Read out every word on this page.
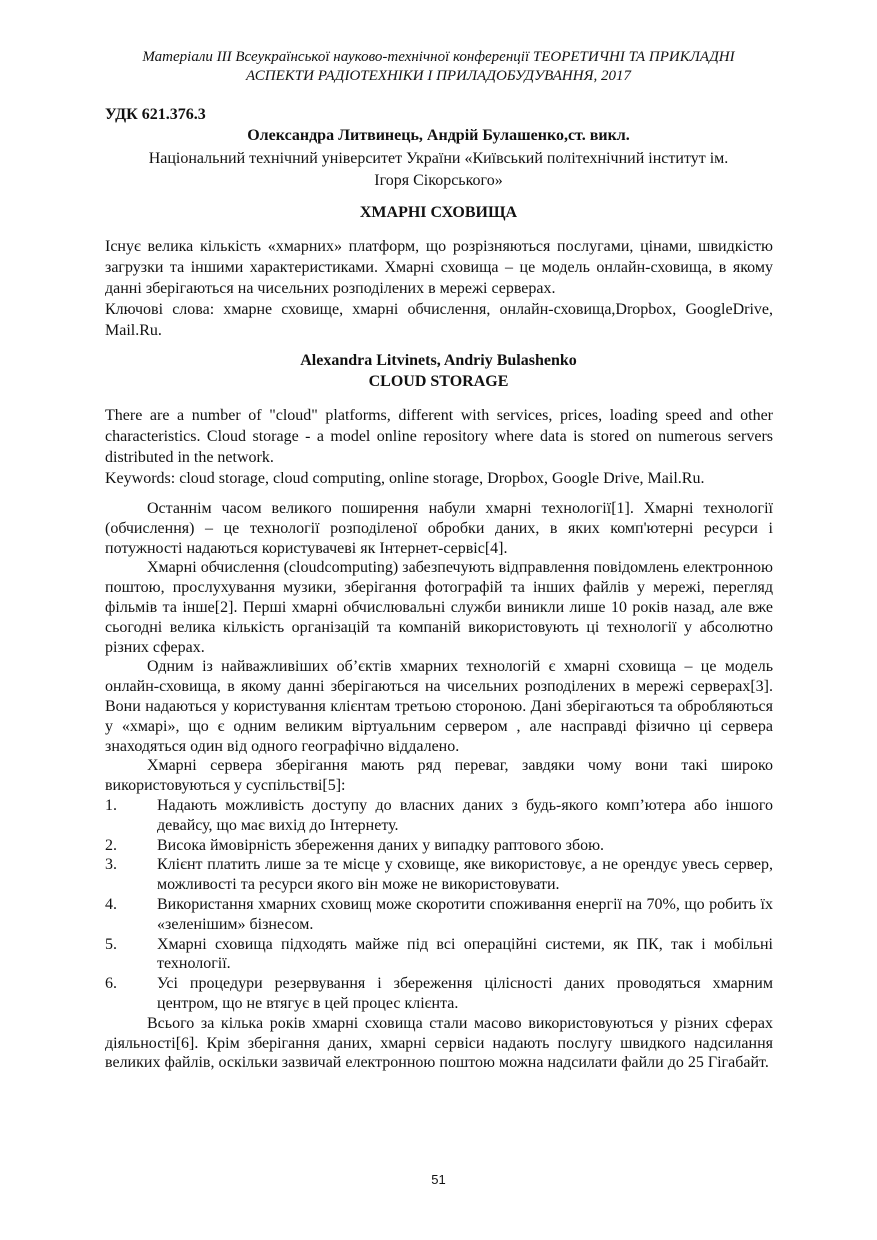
Матеріали ІІІ Всеукраїнської науково-технічної конференції ТЕОРЕТИЧНІ ТА ПРИКЛАДНІ
АСПЕКТИ РАДІОТЕХНІКИ І ПРИЛАДОБУДУВАННЯ, 2017
УДК 621.376.3
Олександра Литвинець, Андрій Булашенко,ст. викл.
Національний технічний університет України «Київський політехнічний інститут ім.
Ігоря Сікорського»
ХМАРНІ СХОВИЩА

Існує велика кількість «хмарних» платформ, що розрізняються послугами, цінами, швидкістю загрузки та іншими характеристиками. Хмарні сховища – це модель онлайн-сховища, в якому данні зберігаються на чисельних розподілених в мережі серверах.

Ключові слова: хмарне сховище, хмарні обчислення, онлайн-сховища,Dropbox, GoogleDrive, Mail.Ru.

Alexandra Litvinets, Andriy Bulashenko
CLOUD STORAGE

There are a number of "cloud" platforms, different with services, prices, loading speed and other characteristics. Cloud storage - a model online repository where data is stored on numerous servers distributed in the network.

Keywords: cloud storage, cloud computing, online storage, Dropbox, Google Drive, Mail.Ru.

Останнім часом великого поширення набули хмарні технології[1]. Хмарні технології (обчислення) – це технології розподіленої обробки даних, в яких комп'ютерні ресурси і потужності надаються користувачеві як Інтернет-сервіс[4].

Хмарні обчислення (cloudcomputing) забезпечують відправлення повідомлень електронною поштою, прослухування музики, зберігання фотографій та інших файлів у мережі, перегляд фільмів та інше[2]. Перші хмарні обчислювальні служби виникли лише 10 років назад, але вже сьогодні велика кількість організацій та компаній використовують ці технології у абсолютно різних сферах.

Одним із найважливіших об’єктів хмарних технологій є хмарні сховища – це модель онлайн-сховища, в якому данні зберігаються на чисельних розподілених в мережі серверах[3]. Вони надаються у користування клієнтам третьою стороною. Дані зберігаються та обробляються у «хмарі», що є одним великим віртуальним сервером , але насправді фізично ці сервера знаходяться один від одного географічно віддалено.

Хмарні сервера зберігання мають ряд переваг, завдяки чому вони такі широко використовуються у суспільстві[5]:

1.	Надають можливість доступу до власних даних з будь-якого комп’ютера або іншого девайсу, що має вихід до Інтернету.
2.	Висока ймовірність збереження даних у випадку раптового збою.
3.	Клієнт платить лише за те місце у сховище, яке використовує, а не орендує увесь сервер, можливості та ресурси якого він може не використовувати.
4.	Використання хмарних сховищ може скоротити споживання енергії на 70%, що робить їх «зеленішим» бізнесом.
5.	Хмарні сховища підходять майже під всі операційні системи, як ПК, так і мобільні технології.
6.	Усі процедури резервування і збереження цілісності даних проводяться хмарним центром, що не втягує в цей процес клієнта.

Всього за кілька років хмарні сховища стали масово використовуються у різних сферах діяльності[6]. Крім зберігання даних, хмарні сервіси надають послугу швидкого надсилання великих файлів, оскільки зазвичай електронною поштою можна надсилати файли до 25 Гігабайт.

51
